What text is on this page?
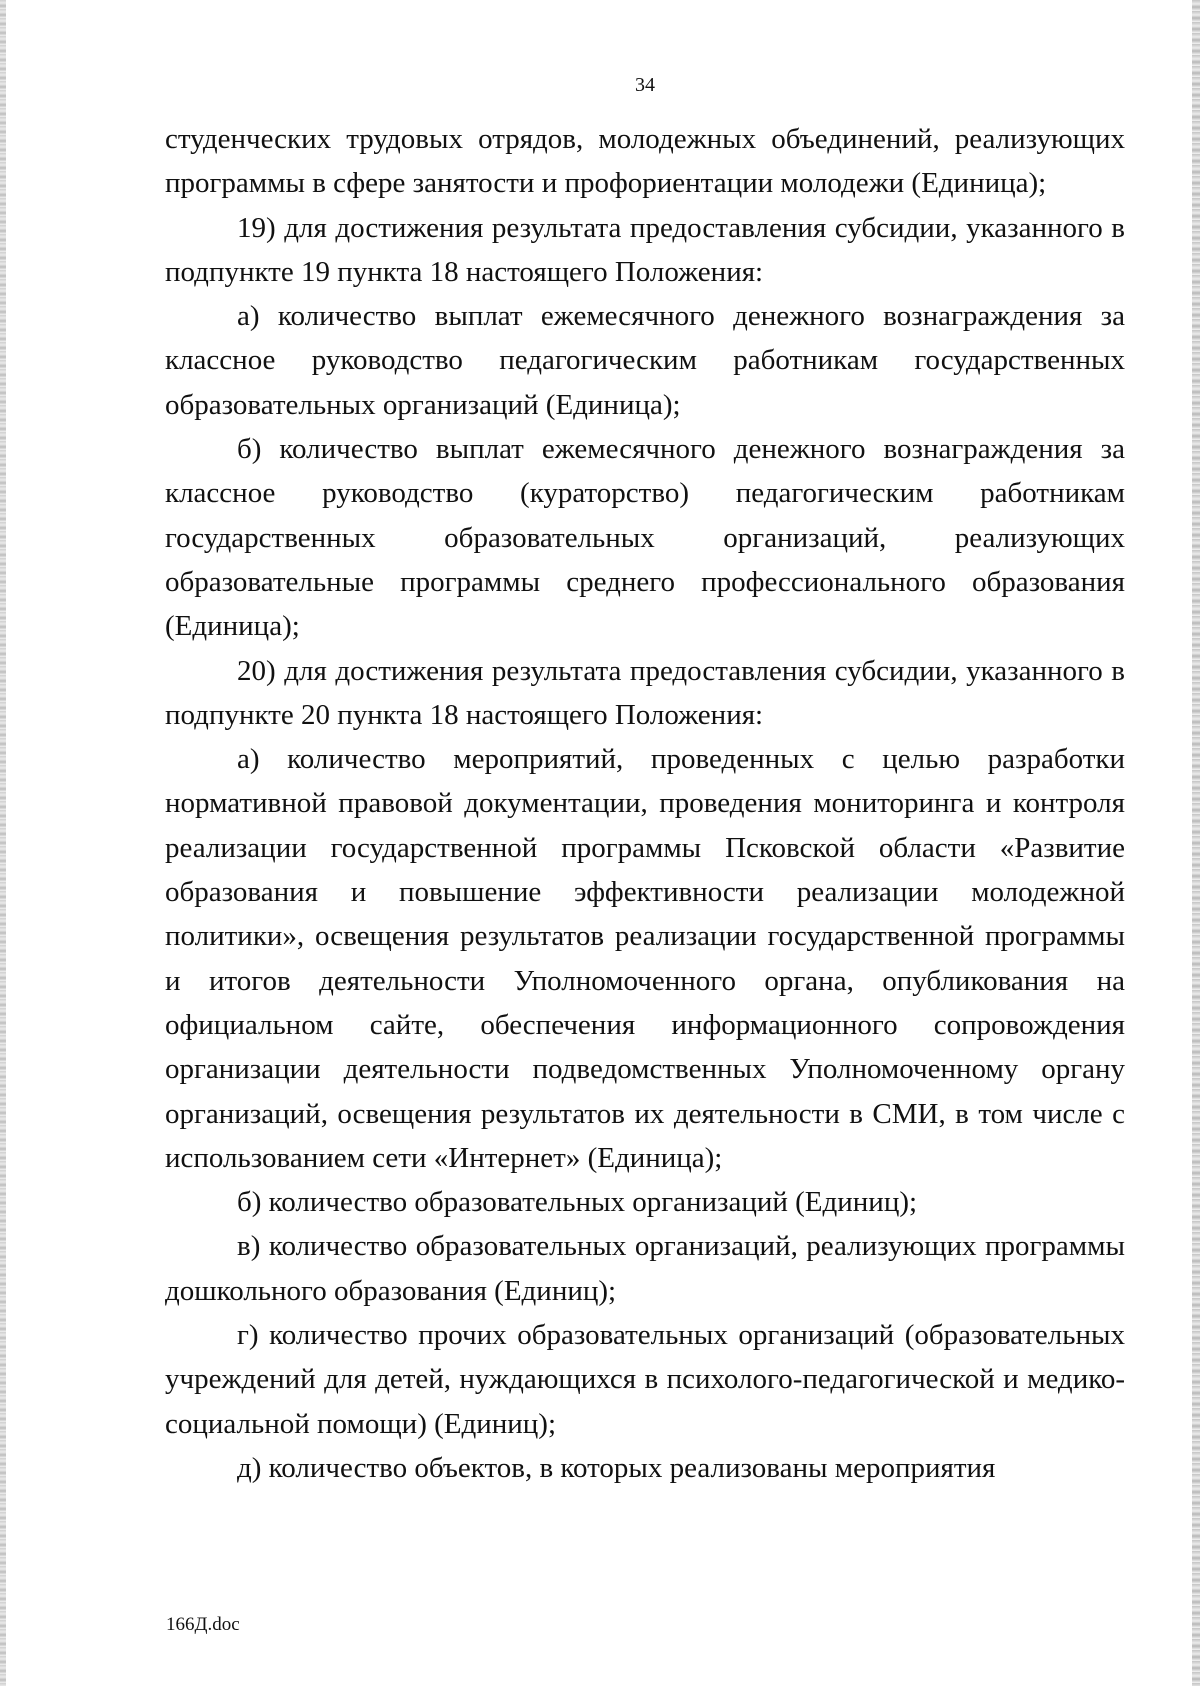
34

студенческих трудовых отрядов, молодежных объединений, реализующих программы в сфере занятости и профориентации молодежи (Единица);

19) для достижения результата предоставления субсидии, указанного в подпункте 19 пункта 18 настоящего Положения:

а) количество выплат ежемесячного денежного вознаграждения за классное руководство педагогическим работникам государственных образовательных организаций (Единица);

б) количество выплат ежемесячного денежного вознаграждения за классное руководство (кураторство) педагогическим работникам государственных образовательных организаций, реализующих образовательные программы среднего профессионального образования (Единица);

20) для достижения результата предоставления субсидии, указанного в подпункте 20 пункта 18 настоящего Положения:

а) количество мероприятий, проведенных с целью разработки нормативной правовой документации, проведения мониторинга и контроля реализации государственной программы Псковской области «Развитие образования и повышение эффективности реализации молодежной политики», освещения результатов реализации государственной программы и итогов деятельности Уполномоченного органа, опубликования на официальном сайте, обеспечения информационного сопровождения организации деятельности подведомственных Уполномоченному органу организаций, освещения результатов их деятельности в СМИ, в том числе с использованием сети «Интернет» (Единица);

б) количество образовательных организаций (Единиц);

в) количество образовательных организаций, реализующих программы дошкольного образования (Единиц);

г) количество прочих образовательных организаций (образовательных учреждений для детей, нуждающихся в психолого-педагогической и медико-социальной помощи) (Единиц);

д) количество объектов, в которых реализованы мероприятия

166Д.doc
